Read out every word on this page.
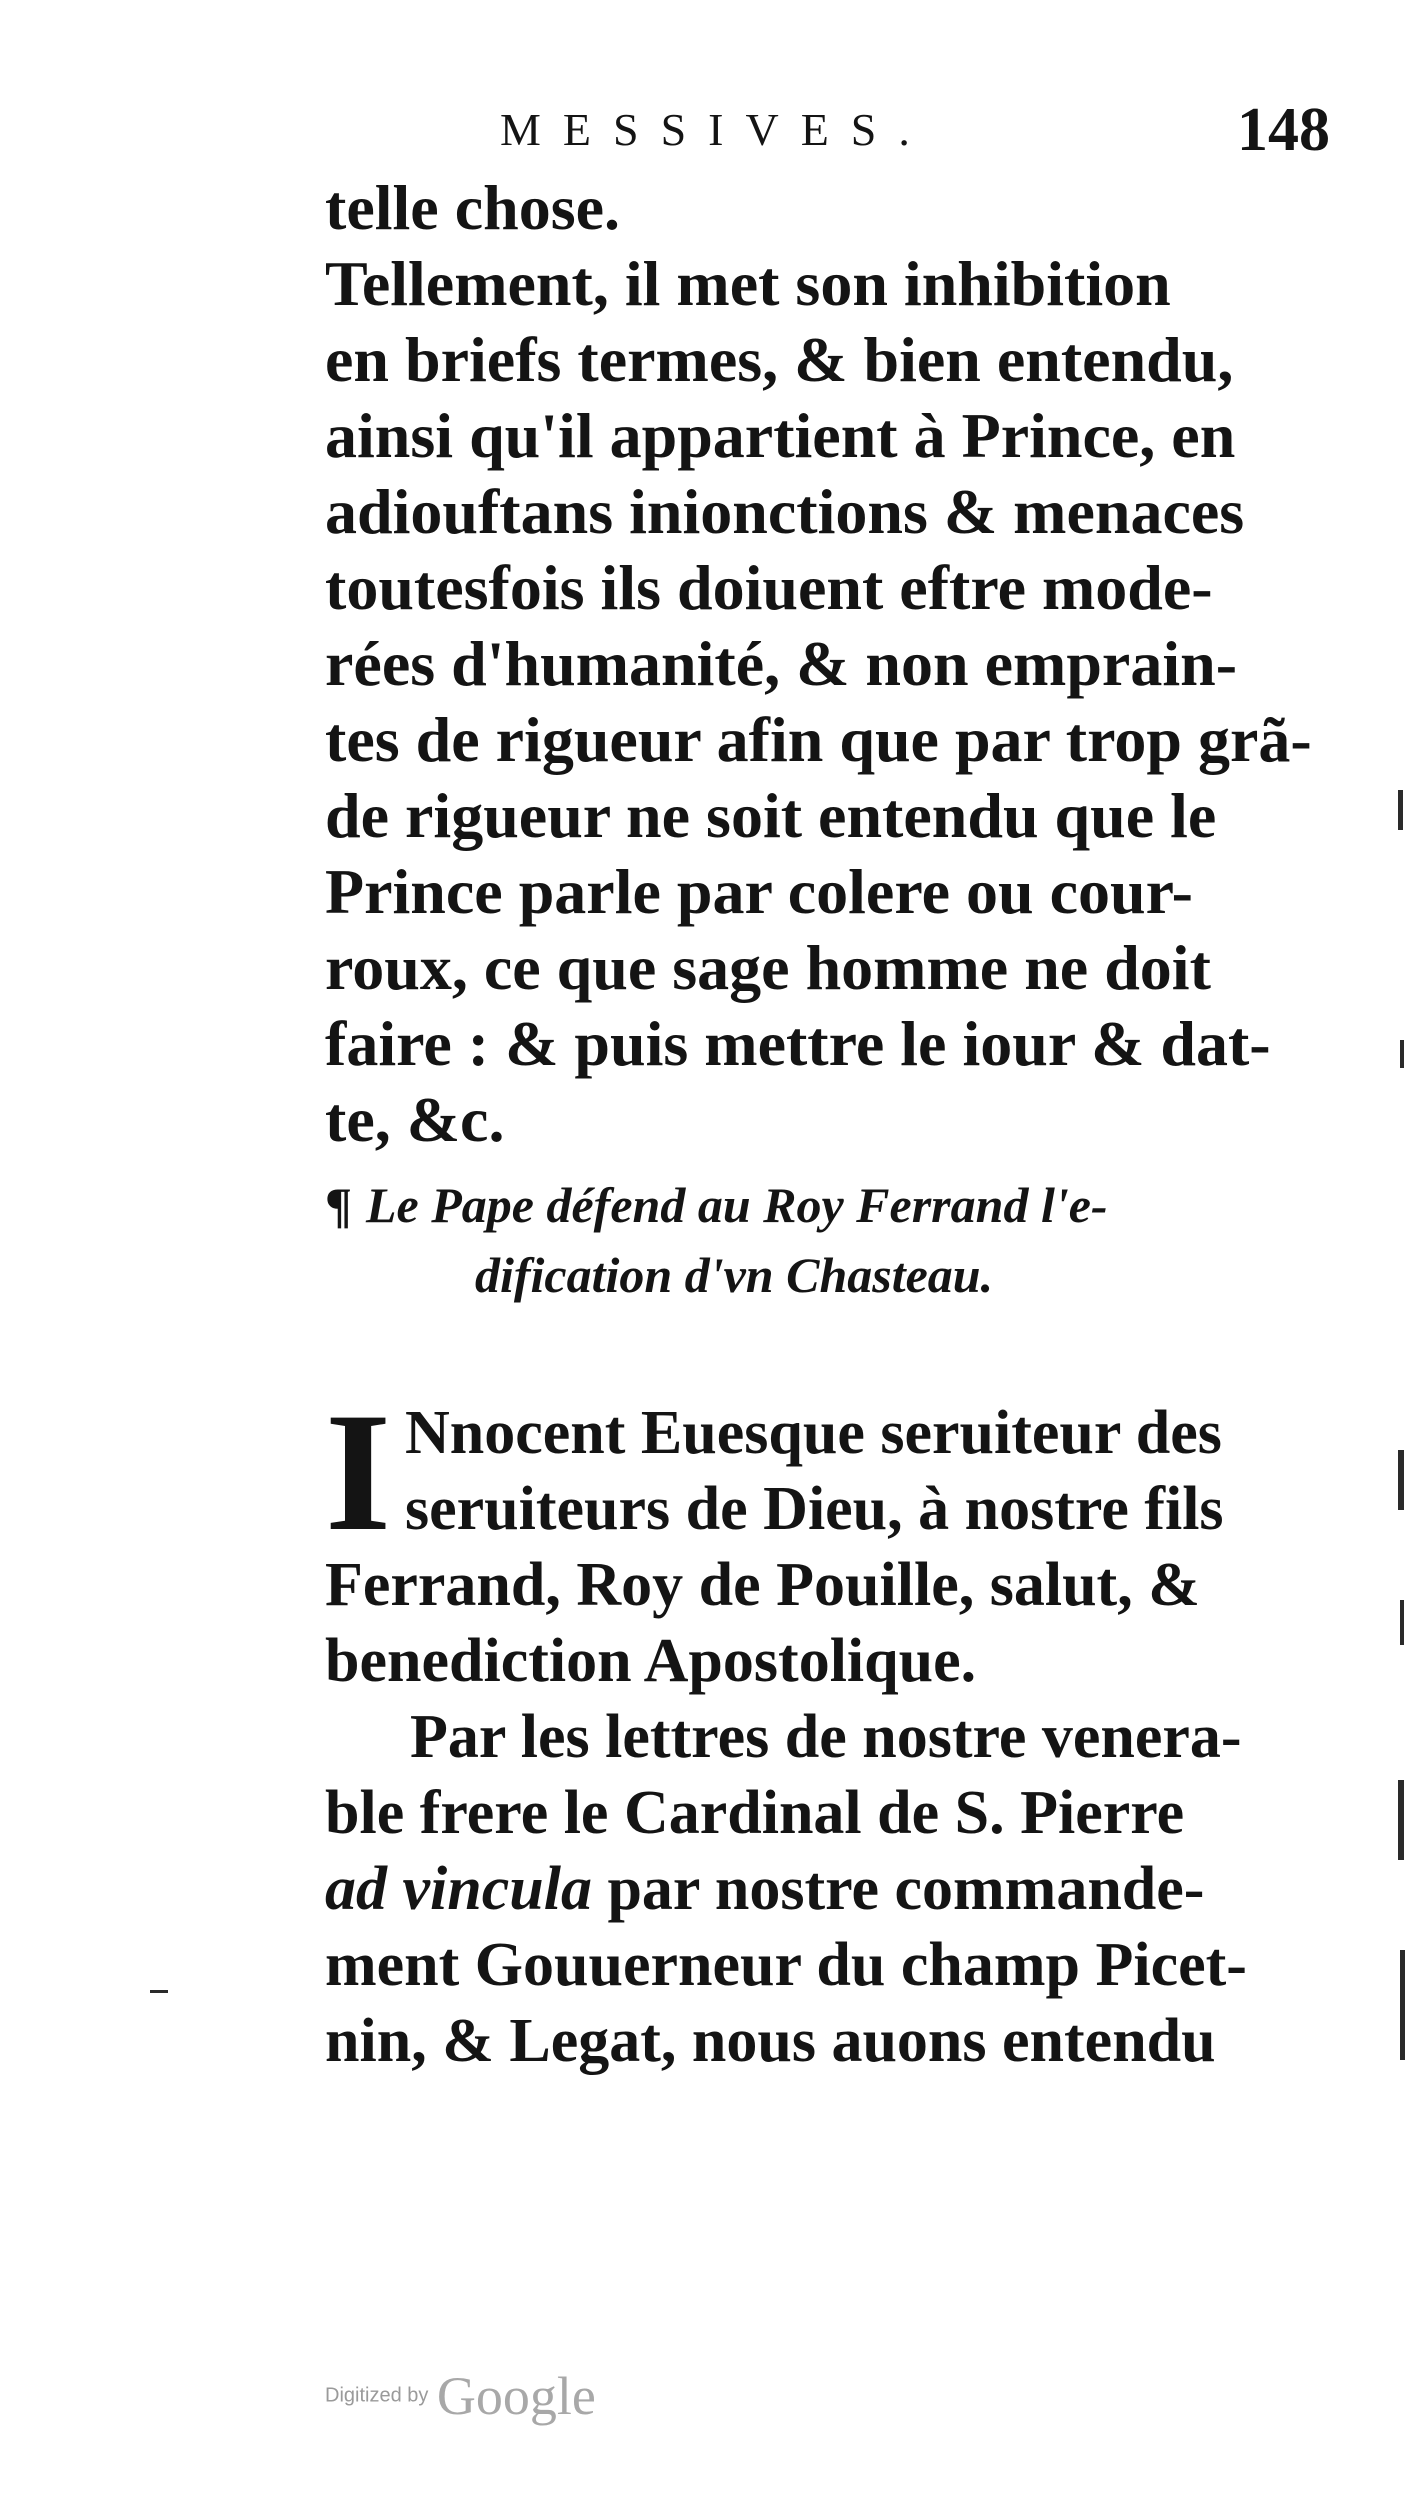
MESSIVES.	148
telle chose.
Tellement, il met son inhibition
en briefs termes, & bien entendu,
ainsi qu'il appartient à Prince, en
adiouftans inionctions & menaces
toutesfois ils doiuent eftre mode-
rées d'humanité, & non emprain-
tes de rigueur afin que par trop grã-
de rigueur ne soit entendu que le
Prince parle par colere ou cour-
roux, ce que sage homme ne doit
faire : & puis mettre le iour & dat-
te, &c.
¶ Le Pape défend au Roy Ferrand l'e-
dification d'vn Chasteau.
I Nnocent Euesque seruiteur des
seruiteurs de Dieu, à nostre fils
Ferrand, Roy de Pouille, salut, &
benediction Apostolique.
Par les lettres de nostre venera-
ble frere le Cardinal de S. Pierre
ad vincula par nostre commande-
ment Gouuerneur du champ Picet-
nin, & Legat, nous auons entendu
Digitized by Google
